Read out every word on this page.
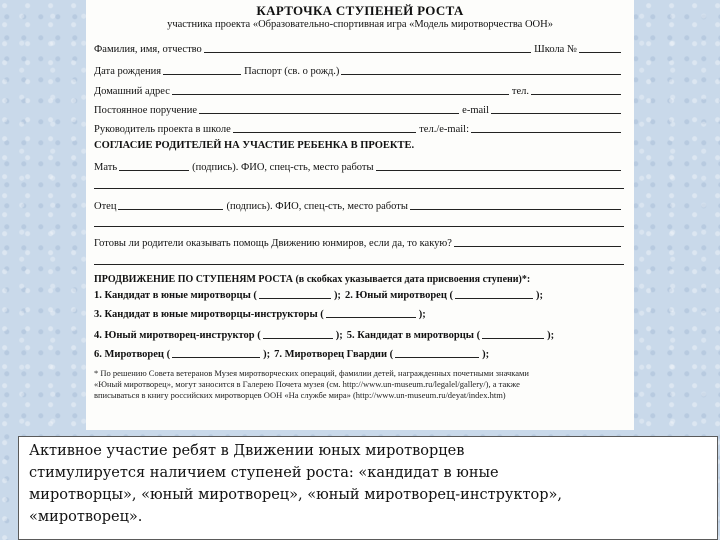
КАРТОЧКА СТУПЕНЕЙ РОСТА
участника проекта «Образовательно-спортивная игра «Модель миротворчества ООН»
Фамилия, имя, отчество	Школа №
Дата рождения	Паспорт (св. о рожд.)
Домашний адрес	тел.
Постоянное поручение	e-mail
Руководитель проекта в школе	тел./e-mail:
СОГЛАСИЕ РОДИТЕЛЕЙ НА УЧАСТИЕ РЕБЕНКА В ПРОЕКТЕ.
Мать	(подпись). ФИО, спец-сть, место работы
Отец	(подпись). ФИО, спец-сть, место работы
Готовы ли родители оказывать помощь Движению юнмиров, если да, то какую?
ПРОДВИЖЕНИЕ ПО СТУПЕНЯМ РОСТА (в скобках указывается дата присвоения ступени)*:
1. Кандидат в юные миротворцы (	); 2. Юный миротворец (	);
3. Кандидат в юные миротворцы-инструкторы (	);
4. Юный миротворец-инструктор (	); 5. Кандидат в миротворцы (	);
6. Миротворец (	); 7. Миротворец Гвардии (	);
* По решению Совета ветеранов Музея миротворческих операций, фамилии детей, награжденных почетными значками
«Юный миротворец», могут заносится в Галерею Почета музея (см. http://www.un-museum.ru/legalel/gallery/), а также
вписываться в книгу российских миротворцев ООН «На службе мира» (http://www.un-museum.ru/deyat/index.htm)
Активное участие ребят в Движении юных миротворцев
стимулируется наличием ступеней роста: «кандидат в юные
миротворцы», «юный миротворец», «юный миротворец-инструктор»,
«миротворец».
